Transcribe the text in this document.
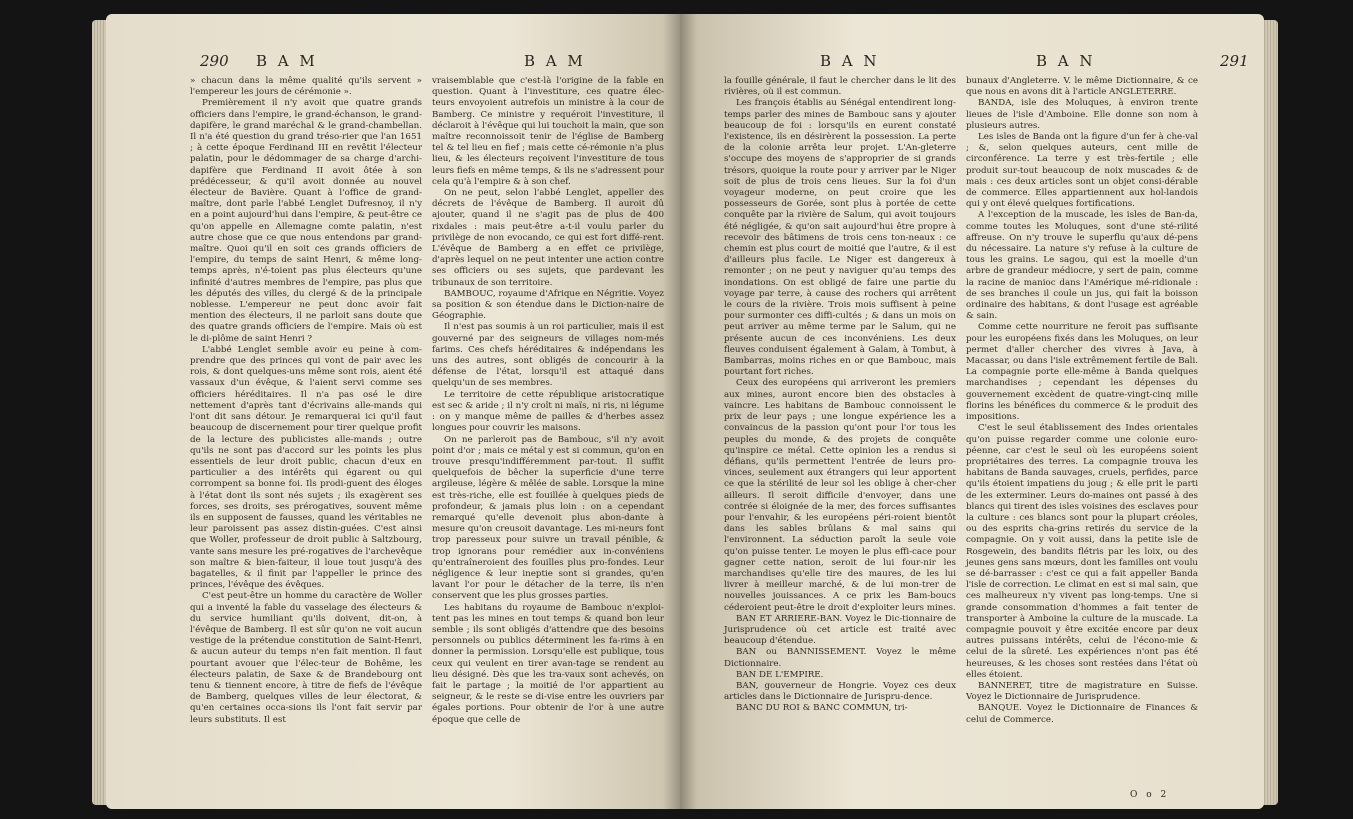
290 B A M	B A M

» chacun dans la même qualité qu'ils servent » l'empereur les jours de cérémonie ».

Premièrement il n'y avoit que quatre grands officiers dans l'empire, le grand-échanson, le grand-dapifère, le grand maréchal & le grand-chambellan. Il n'a été question du grand tréso-rier que l'an 1651 ; à cette époque Ferdinand III en revêtit l'électeur palatin, pour le dédommager de sa charge d'archi-dapifère que Ferdinand II avoit ôtée à son prédécesseur, & qu'il avoit donnée au nouvel électeur de Bavière. Quant à l'office de grand-maître, dont parle l'abbé Lenglet Dufresnoy, il n'y en a point aujourd'hui dans l'empire, & peut-être ce qu'on appelle en Allemagne comte palatin, n'est autre chose que ce que nous entendons par grand-maître. Quoi qu'il en soit ces grands officiers de l'empire, du temps de saint Henri, & même long-temps après, n'é-toient pas plus électeurs qu'une infinité d'autres membres de l'empire, pas plus que les députés des villes, du clergé & de la principale noblesse. L'empereur ne peut donc avoir fait mention des électeurs, il ne parloit sans doute que des quatre grands officiers de l'empire. Mais où est le di-plôme de saint Henri ?

L'abbé Lenglet semble avoir eu peine à com-prendre que des princes qui vont de pair avec les rois, & dont quelques-uns même sont rois, aient été vassaux d'un évêque, & l'aient servi comme ses officiers héréditaires. Il n'a pas osé le dire nettement d'après tant d'écrivains alle-mands qui l'ont dit sans détour. Je remarquerai ici qu'il faut beaucoup de discernement pour tirer quelque profit de la lecture des publicistes alle-mands ; outre qu'ils ne sont pas d'accord sur les points les plus essentiels de leur droit public, chacun d'eux en particulier a des intérêts qui égarent ou qui corrompent sa bonne foi. Ils prodi-guent des éloges à l'état dont ils sont nés sujets ; ils exagèrent ses forces, ses droits, ses prérogatives, souvent même ils en supposent de fausses, quand les véritables ne leur paroissent pas assez distin-guées. C'est ainsi que Woller, professeur de droit public à Saltzbourg, vante sans mesure les pré-rogatives de l'archevêque son maître & bien-faiteur, il loue tout jusqu'à des bagatelles, & il finit par l'appeller le prince des princes, l'évêque des évêques.

C'est peut-être un homme du caractère de Woller qui a inventé la fable du vasselage des électeurs & du service humiliant qu'ils doivent, dit-on, à l'évêque de Bamberg. Il est sûr qu'on ne voit aucun vestige de la prétendue constitution de Saint-Henri, & aucun auteur du temps n'en fait mention. Il faut pourtant avouer que l'élec-teur de Bohême, les électeurs palatin, de Saxe & de Brandebourg ont tenu & tiennent encore, à titre de fiefs de l'évêque de Bamberg, quelques villes de leur électorat, & qu'en certaines occa-sions ils l'ont fait servir par leurs substituts. Il est

vraisemblable que c'est-là l'origine de la fable en question. Quant à l'investiture, ces quatre élec-teurs envoyoient autrefois un ministre à la cour de Bamberg. Ce ministre y requéroit l'investiture, il déclaroit à l'évêque qui lui touchoit la main, que son maître reconnoissoit tenir de l'église de Bamberg tel & tel lieu en fief ; mais cette cé-rémonie n'a plus lieu, & les électeurs reçoivent l'investiture de tous leurs fiefs en même temps, & ils ne s'adressent pour cela qu'à l'empire & à son chef.

On ne peut, selon l'abbé Lenglet, appeller des décrets de l'évêque de Bamberg. Il auroit dû ajouter, quand il ne s'agit pas de plus de 400 rixdales : mais peut-être a-t-il voulu parler du privilège de non evocando, ce qui est fort diffé-rent. L'évêque de Bamberg a en effet ce privilège, d'après lequel on ne peut intenter une action contre ses officiers ou ses sujets, que pardevant les tribunaux de son territoire.

BAMBOUC, royaume d'Afrique en Négritie. Voyez sa position & son étendue dans le Diction-naire de Géographie.

Il n'est pas soumis à un roi particulier, mais il est gouverné par des seigneurs de villages nom-més farims. Ces chefs héréditaires & indépendans les uns des autres, sont obligés de concourir à la défense de l'état, lorsqu'il est attaqué dans quelqu'un de ses membres.

Le territoire de cette république aristocratique est sec & aride ; il n'y croît ni maïs, ni ris, ni légume : on y manque même de pailles & d'herbes assez longues pour couvrir les maisons.

On ne parleroit pas de Bambouc, s'il n'y avoit point d'or ; mais ce métal y est si commun, qu'on en trouve presqu'indifféremment par-tout. Il suffit quelquefois de bêcher la superficie d'une terre argileuse, légère & mêlée de sable. Lorsque la mine est très-riche, elle est fouillée à quelques pieds de profondeur, & jamais plus loin : on a cependant remarqué qu'elle devenoit plus abon-dante à mesure qu'on creusoit davantage. Les mi-neurs font trop paresseux pour suivre un travail pénible, & trop ignorans pour remédier aux in-convéniens qu'entraîneroient des fouilles plus pro-fondes. Leur négligence & leur ineptie sont si grandes, qu'en lavant l'or pour le détacher de la terre, ils n'en conservent que les plus grosses parties.

Les habitans du royaume de Bambouc n'exploi-tent pas les mines en tout temps & quand bon leur semble ; ils sont obligés d'attendre que des besoins personnels ou publics déterminent les fa-rims à en donner la permission. Lorsqu'elle est publique, tous ceux qui veulent en tirer avan-tage se rendent au lieu désigné. Dès que les tra-vaux sont achevés, on fait le partage ; la moitié de l'or appartient au seigneur, & le reste se di-vise entre les ouvriers par égales portions. Pour obtenir de l'or à une autre époque que celle de

B A N	B A N	291

la fouille générale, il faut le chercher dans le lit des rivières, où il est commun.

Les françois établis au Sénégal entendirent long-temps parler des mines de Bambouc sans y ajouter beaucoup de foi : lorsqu'ils en eurent constaté l'existence, ils en désirèrent la possession. La perte de la colonie arrêta leur projet. L'An-gleterre s'occupe des moyens de s'approprier de si grands trésors, quoique la route pour y arriver par le Niger soit de plus de trois cens lieues. Sur la foi d'un voyageur moderne, on peut croire que les possesseurs de Gorée, sont plus à portée de cette conquête par la rivière de Salum, qui avoit toujours été négligée, & qu'on sait aujourd'hui être propre à recevoir des bâtimens de trois cens ton-neaux : ce chemin est plus court de moitié que l'autre, & il est d'ailleurs plus facile. Le Niger est dangereux à remonter ; on ne peut y naviguer qu'au temps des inondations. On est obligé de faire une partie du voyage par terre, à cause des rochers qui arrêtent le cours de la rivière. Trois mois suffisent à peine pour surmonter ces diffi-cultés ; & dans un mois on peut arriver au même terme par le Salum, qui ne présente aucun de ces inconvéniens. Les deux fleuves conduisent également à Galam, à Tombut, à Bambarras, moins riches en or que Bambouc, mais pourtant fort riches.

Ceux des européens qui arriveront les premiers aux mines, auront encore bien des obstacles à vaincre. Les habitans de Bambouc connoissent le prix de leur pays ; une longue expérience les a convaincus de la passion qu'ont pour l'or tous les peuples du monde, & des projets de conquête qu'inspire ce métal. Cette opinion les a rendus si défians, qu'ils permettent l'entrée de leurs pro-vinces, seulement aux étrangers qui leur apportent ce que la stérilité de leur sol les oblige à cher-cher ailleurs. Il seroit difficile d'envoyer, dans une contrée si éloignée de la mer, des forces suffisantes pour l'envahir, & les européens péri-roient bientôt dans les sables brûlans & mal sains qui l'environnent. La séduction paroît la seule voie qu'on puisse tenter. Le moyen le plus effi-cace pour gagner cette nation, seroit de lui four-nir les marchandises qu'elle tire des maures, de les lui livrer à meilleur marché, & de lui mon-trer de nouvelles jouissances. A ce prix les Bam-boucs céderoient peut-être le droit d'exploiter leurs mines.

BAN ET ARRIERE-BAN. Voyez le Dic-tionnaire de Jurisprudence où cet article est traité avec beaucoup d'étendue.

BAN ou BANNISSEMENT. Voyez le même Dictionnaire.

BAN DE L'EMPIRE.

BAN, gouverneur de Hongrie. Voyez ces deux articles dans le Dictionnaire de Jurispru-dence.

BANC DU ROI & BANC COMMUN, tri-

bunaux d'Angleterre. V. le même Dictionnaire, & ce que nous en avons dit à l'article ANGLETERRE.

BANDA, isle des Moluques, à environ trente lieues de l'isle d'Amboine. Elle donne son nom à plusieurs autres.

Les isles de Banda ont la figure d'un fer à che-val ; &, selon quelques auteurs, cent mille de circonférence. La terre y est très-fertile ; elle produit sur-tout beaucoup de noix muscades & de mais : ces deux articles sont un objet consi-dérable de commerce. Elles appartiennent aux hol-landois qui y ont élevé quelques fortifications.

A l'exception de la muscade, les isles de Ban-da, comme toutes les Moluques, sont d'une sté-rilité affreuse. On n'y trouve le superflu qu'aux dé-pens du nécessaire. La nature s'y refuse à la culture de tous les grains. Le sagou, qui est la moelle d'un arbre de grandeur médiocre, y sert de pain, comme la racine de manioc dans l'Amérique mé-ridionale : de ses branches il coule un jus, qui fait la boisson ordinaire des habitans, & dont l'usage est agréable & sain.

Comme cette nourriture ne feroit pas suffisante pour les européens fixés dans les Moluques, on leur permet d'aller chercher des vivres à Java, à Macassar, ou dans l'isle extrêmement fertile de Bali. La compagnie porte elle-même à Banda quelques marchandises ; cependant les dépenses du gouvernement excèdent de quatre-vingt-cinq mille florins les bénéfices du commerce & le produit des impositions.

C'est le seul établissement des Indes orientales qu'on puisse regarder comme une colonie euro-péenne, car c'est le seul où les européens soient propriétaires des terres. La compagnie trouva les habitans de Banda sauvages, cruels, perfides, parce qu'ils étoient impatiens du joug ; & elle prit le parti de les exterminer. Leurs do-maines ont passé à des blancs qui tirent des isles voisines des esclaves pour la culture : ces blancs sont pour la plupart créoles, ou des esprits cha-grins retirés du service de la compagnie. On y voit aussi, dans la petite isle de Rosgewein, des bandits flétris par les loix, ou des jeunes gens sans mœurs, dont les familles ont voulu se dé-barrasser : c'est ce qui a fait appeller Banda l'isle de correction. Le climat en est si mal sain, que ces malheureux n'y vivent pas long-temps. Une si grande consommation d'hommes a fait tenter de transporter à Amboine la culture de la muscade. La compagnie pouvoit y être excitée encore par deux autres puissans intérêts, celui de l'écono-mie & celui de la sûreté. Les expériences n'ont pas été heureuses, & les choses sont restées dans l'état où elles étoient.

BANNERET, titre de magistrature en Suisse. Voyez le Dictionnaire de Jurisprudence.

BANQUE. Voyez le Dictionnaire de Finances & celui de Commerce.

O o 2
